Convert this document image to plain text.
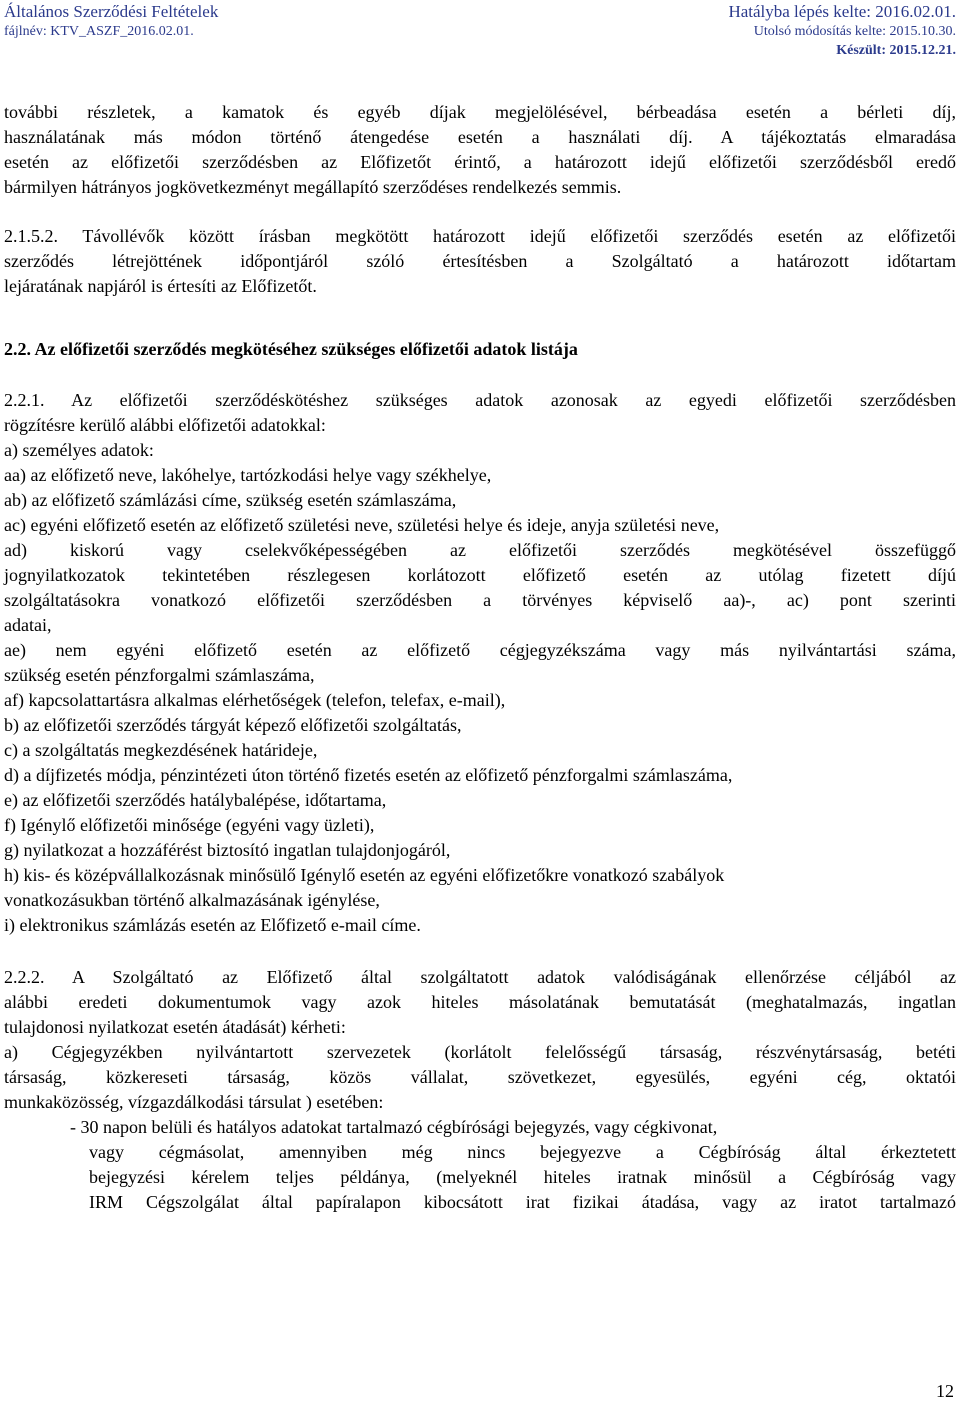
Általános Szerződési Feltételek
fájlnév: KTV_ASZF_2016.02.01.
Hatályba lépés kelte: 2016.02.01.
Utolsó módosítás kelte: 2015.10.30.
Készült: 2015.12.21.

további részletek, a kamatok és egyéb díjak megjelölésével, bérbeadása esetén a bérleti díj,
használatának más módon történő átengedése esetén a használati díj. A tájékoztatás elmaradása
esetén az előfizetői szerződésben az Előfizetőt érintő, a határozott idejű előfizetői szerződésből eredő
bármilyen hátrányos jogkövetkezményt megállapító szerződéses rendelkezés semmis.

2.1.5.2. Távollévők között írásban megkötött határozott idejű előfizetői szerződés esetén az előfizetői
szerződés létrejöttének időpontjáról szóló értesítésben a Szolgáltató a határozott időtartam
lejáratának napjáról is értesíti az Előfizetőt.

2.2. Az előfizetői szerződés megkötéséhez szükséges előfizetői adatok listája

2.2.1. Az előfizetői szerződéskötéshez szükséges adatok azonosak az egyedi előfizetői szerződésben
rögzítésre kerülő alábbi előfizetői adatokkal:
a) személyes adatok:
aa) az előfizető neve, lakóhelye, tartózkodási helye vagy székhelye,
ab) az előfizető számlázási címe, szükség esetén számlaszáma,
ac) egyéni előfizető esetén az előfizető születési neve, születési helye és ideje, anyja születési neve,
ad) kiskorú vagy cselekvőképességében az előfizetői szerződés megkötésével összefüggő
jognyilatkozatok tekintetében részlegesen korlátozott előfizető esetén az utólag fizetett díjú
szolgáltatásokra vonatkozó előfizetői szerződésben a törvényes képviselő aa)-, ac) pont szerinti
adatai,
ae) nem egyéni előfizető esetén az előfizető cégjegyzékszáma vagy más nyilvántartási száma,
szükség esetén pénzforgalmi számlaszáma,
af) kapcsolattartásra alkalmas elérhetőségek (telefon, telefax, e-mail),
b) az előfizetői szerződés tárgyát képező előfizetői szolgáltatás,
c) a szolgáltatás megkezdésének határideje,
d) a díjfizetés módja, pénzintézeti úton történő fizetés esetén az előfizető pénzforgalmi számlaszáma,
e) az előfizetői szerződés hatálybalépése, időtartama,
f) Igénylő előfizetői minősége (egyéni vagy üzleti),
g) nyilatkozat a hozzáférést biztosító ingatlan tulajdonjogáról,
h) kis- és középvállalkozásnak minősülő Igénylő esetén az egyéni előfizetőkre vonatkozó szabályok
vonatkozásukban történő alkalmazásának igénylése,
i) elektronikus számlázás esetén az Előfizető e-mail címe.

2.2.2. A Szolgáltató az Előfizető által szolgáltatott adatok valódiságának ellenőrzése céljából az
alábbi eredeti dokumentumok vagy azok hiteles másolatának bemutatását (meghatalmazás, ingatlan
tulajdonosi nyilatkozat esetén átadását) kérheti:
a) Cégjegyzékben nyilvántartott szervezetek (korlátolt felelősségű társaság, részvénytársaság, betéti
társaság, közkereseti társaság, közös vállalat, szövetkezet, egyesülés, egyéni cég, oktatói
munkaközösség, vízgazdálkodási társulat ) esetében:

- 30 napon belüli és hatályos adatokat tartalmazó cégbírósági bejegyzés, vagy cégkivonat,
vagy cégmásolat, amennyiben még nincs bejegyezve a Cégbíróság által érkeztetett
bejegyzési kérelem teljes példánya, (melyeknél hiteles iratnak minősül a Cégbíróság vagy
IRM Cégszolgálat által papíralapon kibocsátott irat fizikai átadása, vagy az iratot tartalmazó
12
